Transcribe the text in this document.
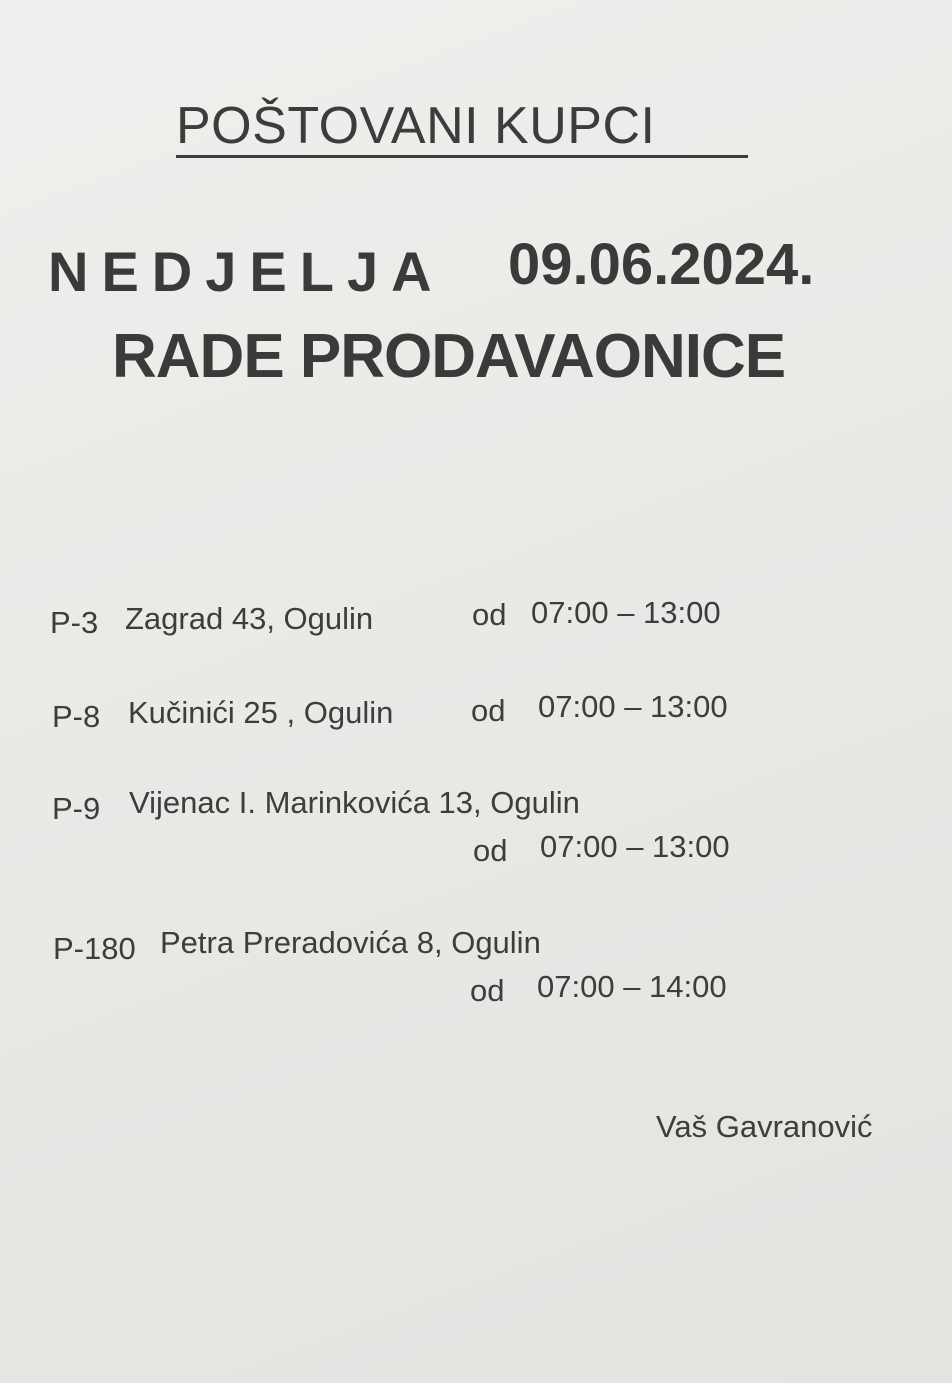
POŠTOVANI KUPCI
NEDJELJA 09.06.2024.
RADE PRODAVAONICE
P-3 Zagrad 43, Ogulin	od 07:00 – 13:00
P-8 Kučinići 25 , Ogulin	od 07:00 – 13:00
P-9 Vijenac I. Marinkovića 13, Ogulin
od 07:00 – 13:00
P-180 Petra Preradovića 8, Ogulin
od 07:00 – 14:00
Vaš Gavranović
